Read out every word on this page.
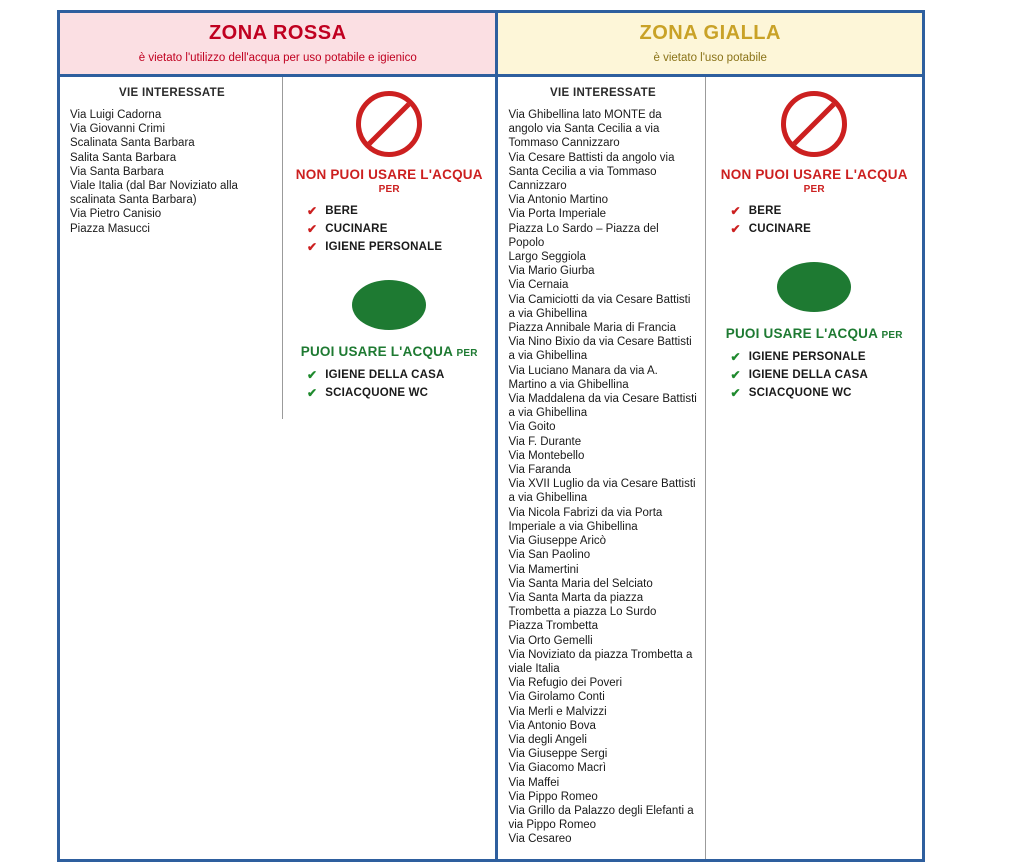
ZONA ROSSA
è vietato l'utilizzo dell'acqua per uso potabile e igienico
VIE INTERESSATE
Via Luigi Cadorna
Via Giovanni Crimi
Scalinata Santa Barbara
Salita Santa Barbara
Via Santa Barbara
Viale Italia (dal Bar Noviziato alla scalinata Santa Barbara)
Via Pietro Canisio
Piazza Masucci
NON PUOI USARE L'ACQUA
PER
✔ BERE
✔ CUCINARE
✔ IGIENE PERSONALE
PUOI USARE L'ACQUA PER
✔ IGIENE DELLA CASA
✔ SCIACQUONE WC
ZONA GIALLA
è vietato l'uso potabile
VIE INTERESSATE
Via Ghibellina lato MONTE da angolo via Santa Cecilia a via Tommaso Cannizzaro
Via Cesare Battisti da angolo via Santa Cecilia a via Tommaso Cannizzaro
Via Antonio Martino
Via Porta Imperiale
Piazza Lo Sardo – Piazza del Popolo
Largo Seggiola
Via Mario Giurba
Via Cernaia
Via Camiciotti da via Cesare Battisti a via Ghibellina
Piazza Annibale Maria di Francia
Via Nino Bixio da via Cesare Battisti a via Ghibellina
Via Luciano Manara da via A. Martino a via Ghibellina
Via Maddalena da via Cesare Battisti a via Ghibellina
Via Goito
Via F. Durante
Via Montebello
Via Faranda
Via XVII Luglio da via Cesare Battisti a via Ghibellina
Via Nicola Fabrizi da via Porta Imperiale a via Ghibellina
Via Giuseppe Aricò
Via San Paolino
Via Mamertini
Via Santa Maria del Selciato
Via Santa Marta da piazza Trombetta a piazza Lo Surdo
Piazza Trombetta
Via Orto Gemelli
Via Noviziato da piazza Trombetta a viale Italia
Via Refugio dei Poveri
Via Girolamo Conti
Via Merli e Malvizzi
Via Antonio Bova
Via degli Angeli
Via Giuseppe Sergi
Via Giacomo Macrì
Via Maffei
Via Pippo Romeo
Via Grillo da Palazzo degli Elefanti a via Pippo Romeo
Via Cesareo
NON PUOI USARE L'ACQUA
PER
✔ BERE
✔ CUCINARE
PUOI USARE L'ACQUA PER
✔ IGIENE PERSONALE
✔ IGIENE DELLA CASA
✔ SCIACQUONE WC
